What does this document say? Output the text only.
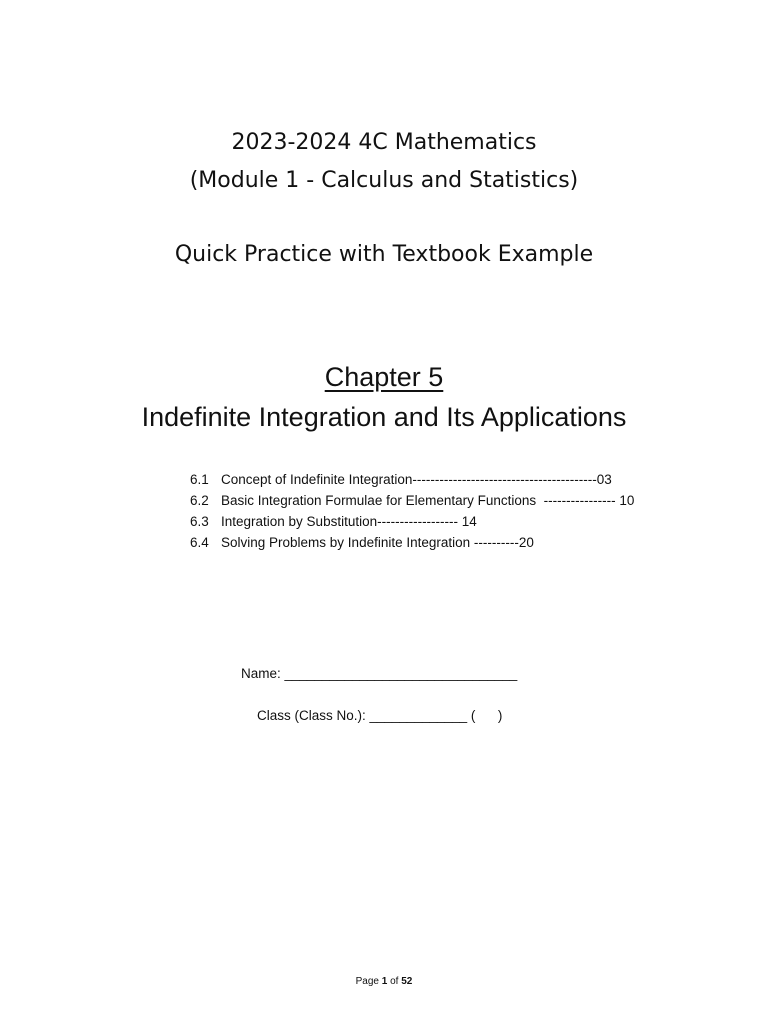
2023-2024 4C Mathematics
(Module 1 - Calculus and Statistics)
Quick Practice with Textbook Example
Chapter 5
Indefinite Integration and Its Applications
6.1 Concept of Indefinite Integration-----------------------------------------03
6.2 Basic Integration Formulae for Elementary Functions  ---------------- 10
6.3 Integration by Substitution------------------ 14
6.4 Solving Problems by Indefinite Integration ----------20
Name: _______________________________
Class (Class No.): _____________ (      )
Page 1 of 52
